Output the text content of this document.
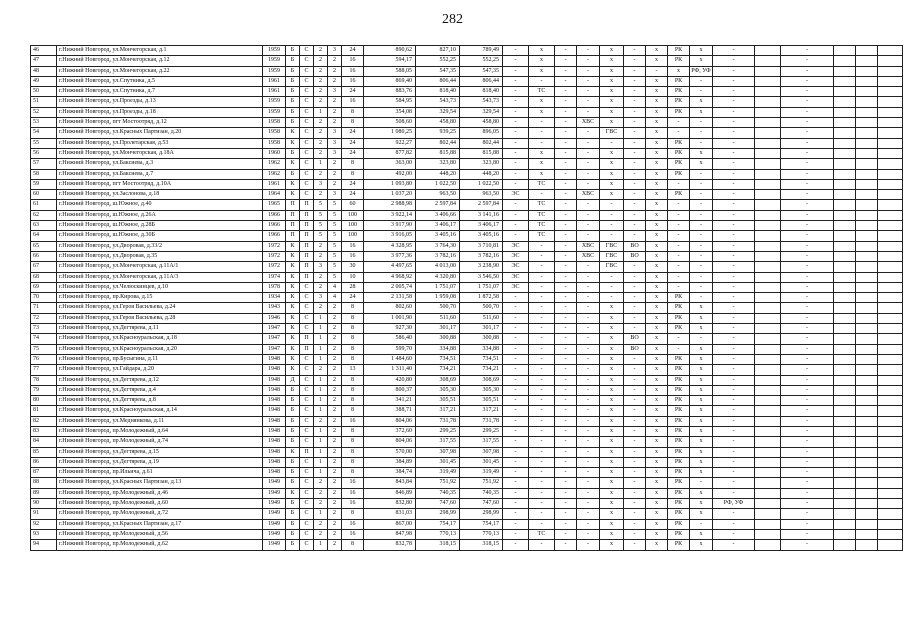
282
46	г.Нижний Новгород, ул.Мончегорская, д.1	1959	Б	С	2	3	24	890,62	827,10	789,49	-	х	-	-	х	-	х	РК	х	-		-			
47	г.Нижний Новгород, ул.Мончегорская, д.12	1959	Б	С	2	2	16	594,17	552,25	552,25	-	х	-	-	х	-	х	РК	х	-		-			
48	г.Нижний Новгород, ул.Мончегорская, д.22	1959	Б	С	2	2	16	588,05	547,35	547,35	-	х	-	-	х	-	-	х	РФ, УФ	-		-			
49	г.Нижний Новгород, ул.Спутника, д.5	1961	Б	С	2	2	16	869,40	806,44	806,44	-	-	-	-	х	-	х	РК	-	-		-			
50	г.Нижний Новгород, ул.Спутника, д.7	1961	Б	С	2	3	24	883,76	818,40	818,40	-	ТС	-	-	х	-	х	РК	-	-		-			
51	г.Нижний Новгород, ул.Проезды, д.13	1959	Б	С	2	2	16	584,95	543,73	543,73	-	х	-	-	х	-	х	РК	х	-		-			
52	г.Нижний Новгород, ул.Проезды, д.18	1959	Б	С	1	2	8	354,08	329,54	329,54	-	х	-	-	х	-	х	РК	х	-		-			
53	г.Нижний Новгород, пгт Мостоотряд, д.12	1958	Б	С	2	2	8	508,60	458,80	458,80	-	-	-	ХВС	х	-	х	-	-	-		-			
54	г.Нижний Новгород, ул.Красных Партизан, д.20	1958	К	С	2	3	24	1 080,25	939,25	896,05	-	-	-	-	ГВС	-	х	-	-	-		-			
55	г.Нижний Новгород, ул.Пролетарская, д.53	1958	К	С	2	3	24	922,27	802,44	802,44	-	-	-	-	-	-	х	РК	-	-		-			
56	г.Нижний Новгород, ул.Мончегорская, д.18А	1960	Б	С	2	3	24	877,82	815,88	815,88	-	х	-	-	х	-	х	РК	х	-		-			
57	г.Нижний Новгород, ул.Баксиева, д.3	1962	К	С	1	2	8	363,00	323,80	323,80	-	х	-	-	х	-	х	РК	х	-		-			
58	г.Нижний Новгород, ул.Баксиева, д.7	1962	Б	С	2	2	8	492,00	448,20	448,20	-	х	-	-	х	-	х	РК	-	-		-			
59	г.Нижний Новгород, пгт Мостоотряд, д.10А	1961	К	С	3	2	24	1 093,80	1 022,50	1 022,50	-	ТС	-	-	х	-	х	-	-	-		-			
60	г.Нижний Новгород, ул.Заслонова, д.18	1964	К	С	2	3	24	1 037,20	963,50	963,50	ЭС	-	-	ХВС	х	-	х	РК	-	-		-			
61	г.Нижний Новгород, ш.Южное, д.40	1965	П	П	5	5	60	2 988,98	2 597,84	2 597,84	-	ТС	-	-	-	-	х	-	-	-		-			
62	г.Нижний Новгород, ш.Южное, д.26А	1966	П	П	5	5	100	3 922,14	3 406,66	3 141,16	-	ТС	-	-	-	-	х	-	-	-		-			
63	г.Нижний Новгород, ш.Южное, д.28Б	1966	П	П	5	5	100	3 917,90	3 406,17	3 406,17	-	ТС	-	-	-	-	х	-	-	-		-			
64	г.Нижний Новгород, ш.Южное, д.30Б	1966	П	П	5	5	100	3 916,05	3 405,16	3 405,16	-	ТС	-	-	-	-	х	-	-	-		-			
65	г.Нижний Новгород, ул.Дворовая, д.33/2	1972	К	П	2	5	16	4 328,95	3 764,30	3 710,81	ЭС	-	-	ХВС	ГВС	ВО	х	-	-	-		-			
66	г.Нижний Новгород, ул.Дворовая, д.35	1972	К	П	2	5	16	3 977,36	3 782,16	3 782,16	ЭС	-	-	ХВС	ГВС	ВО	х	-	-	-		-			
67	г.Нижний Новгород, ул.Мончегорская, д.11А/1	1972	К	П	3	5	30	4 497,65	4 013,00	3 238,90	ЭС	-	-	-	ГВС	-	х	-	-	-		-			
68	г.Нижний Новгород, ул.Мончегорская, д.11А/3	1974	К	П	2	5	10	4 968,92	4 320,80	3 546,50	ЭС	-	-	-	-	-	х	-	-	-		-			
69	г.Нижний Новгород, ул.Челюскинцев, д.10	1978	К	С	2	4	28	2 005,74	1 751,07	1 751,07	ЭС	-	-	-	-	-	х	-	-	-		-			
70	г.Нижний Новгород, пр.Кирова, д.15	1934	К	С	3	4	24	2 131,58	1 959,08	1 872,58	-	-	-	-	-	-	х	РК	-	-		-			
71	г.Нижний Новгород, ул.Героя Васильева, д.24	1943	К	С	2	2	8	802,60	500,70	500,70	-	-	-	-	х	-	х	РК	х	-		-			
72	г.Нижний Новгород, ул.Героя Васильева, д.28	1946	К	С	1	2	8	1 001,90	511,60	511,60	-	-	-	-	х	-	х	РК	х	-		-			
73	г.Нижний Новгород, ул.Дегтярева, д.11	1947	К	С	1	2	8	927,30	301,17	301,17	-	-	-	-	х	-	х	РК	х	-		-			
74	г.Нижний Новгород, ул.Красноуральская, д.18	1947	К	П	1	2	8	586,40	300,88	300,88	-	-	-	-	х	ВО	х	-	-	-		-			
75	г.Нижний Новгород, ул.Красноуральская, д.20	1947	К	П	1	2	8	599,70	334,88	334,88	-	-	-	-	х	ВО	х	-	х	-		-			
76	г.Нижний Новгород, пр.Бусыгина, д.11	1948	К	С	1	2	8	1 484,60	734,51	734,51	-	-	-	-	х	-	х	РК	х	-		-			
77	г.Нижний Новгород, ул.Гайдара, д.20	1948	К	С	2	2	13	1 311,40	734,21	734,21	-	-	-	-	х	-	х	РК	х	-		-			
78	г.Нижний Новгород, ул.Дегтярева, д.12	1948	Д	С	1	2	8	420,80	308,69	308,69	-	-	-	-	х	-	х	РК	х	-		-			
79	г.Нижний Новгород, ул.Дегтярева, д.4	1948	Б	С	1	2	8	800,37	305,30	305,30	-	-	-	-	х	-	х	РК	х	-		-			
80	г.Нижний Новгород, ул.Дегтярева, д.8	1948	Б	С	1	2	8	341,21	305,51	305,51	-	-	-	-	х	-	х	РК	х	-		-			
81	г.Нижний Новгород, ул.Красноуральская, д.14	1948	Б	С	1	2	8	388,71	317,21	317,21	-	-	-	-	х	-	х	РК	х	-		-			
82	г.Нижний Новгород, ул.Меднянкова, д.11	1948	Б	С	2	2	16	804,06	731,78	731,78	-	-	-	-	х	-	х	РК	х	-		-			
83	г.Нижний Новгород, пр.Молодежный, д.64	1948	Б	С	1	2	8	372,60	299,25	299,25	-	-	-	-	х	-	х	РК	х	-		-			
84	г.Нижний Новгород, пр.Молодежный, д.74	1948	Б	С	1	2	8	804,06	317,55	317,55	-	-	-	-	х	-	х	РК	х	-		-			
85	г.Нижний Новгород, ул.Дегтярева, д.15	1948	К	П	1	2	8	570,00	307,98	307,98	-	-	-	-	х	-	х	РК	х	-		-			
86	г.Нижний Новгород, ул.Дегтярева, д.19	1948	Б	С	1	2	8	384,89	301,45	301,45	-	-	-	-	х	-	х	РК	х	-		-			
87	г.Нижний Новгород, пр.Ильича, д.61	1948	Б	С	1	2	8	384,74	319,49	319,49	-	-	-	-	х	-	х	РК	х	-		-			
88	г.Нижний Новгород, ул.Красных Партизан, д.13	1949	Б	С	2	2	16	843,84	751,92	751,92	-	-	-	-	х	-	х	РК	-	-		-			
89	г.Нижний Новгород, пр.Молодежный, д.46	1949	К	С	2	2	16	846,89	740,35	740,35	-	-	-	-	х	-	х	РК	х	-		-			
90	г.Нижний Новгород, пр.Молодежный, д.60	1949	Б	С	2	2	16	832,80	747,60	747,60	-	-	-	-	х	-	х	РК	х	РФ, УФ		-			
91	г.Нижний Новгород, пр.Молодежный, д.72	1949	Б	С	1	2	8	831,03	298,99	298,99	-	-	-	-	х	-	х	РК	х	-		-			
92	г.Нижний Новгород, ул.Красных Партизан, д.17	1949	Б	С	2	2	16	867,00	754,17	754,17	-	-	-	-	х	-	х	РК	-	-		-			
93	г.Нижний Новгород, пр.Молодежный, д.56	1949	Б	С	2	2	16	847,98	770,13	770,13	-	ТС	-	-	х	-	х	РК	х	-		-			
94	г.Нижний Новгород, пр.Молодежный, д.62	1949	Б	С	1	2	8	832,78	318,15	318,15	-	-	-	-	х	-	х	РК	х	-		-			
